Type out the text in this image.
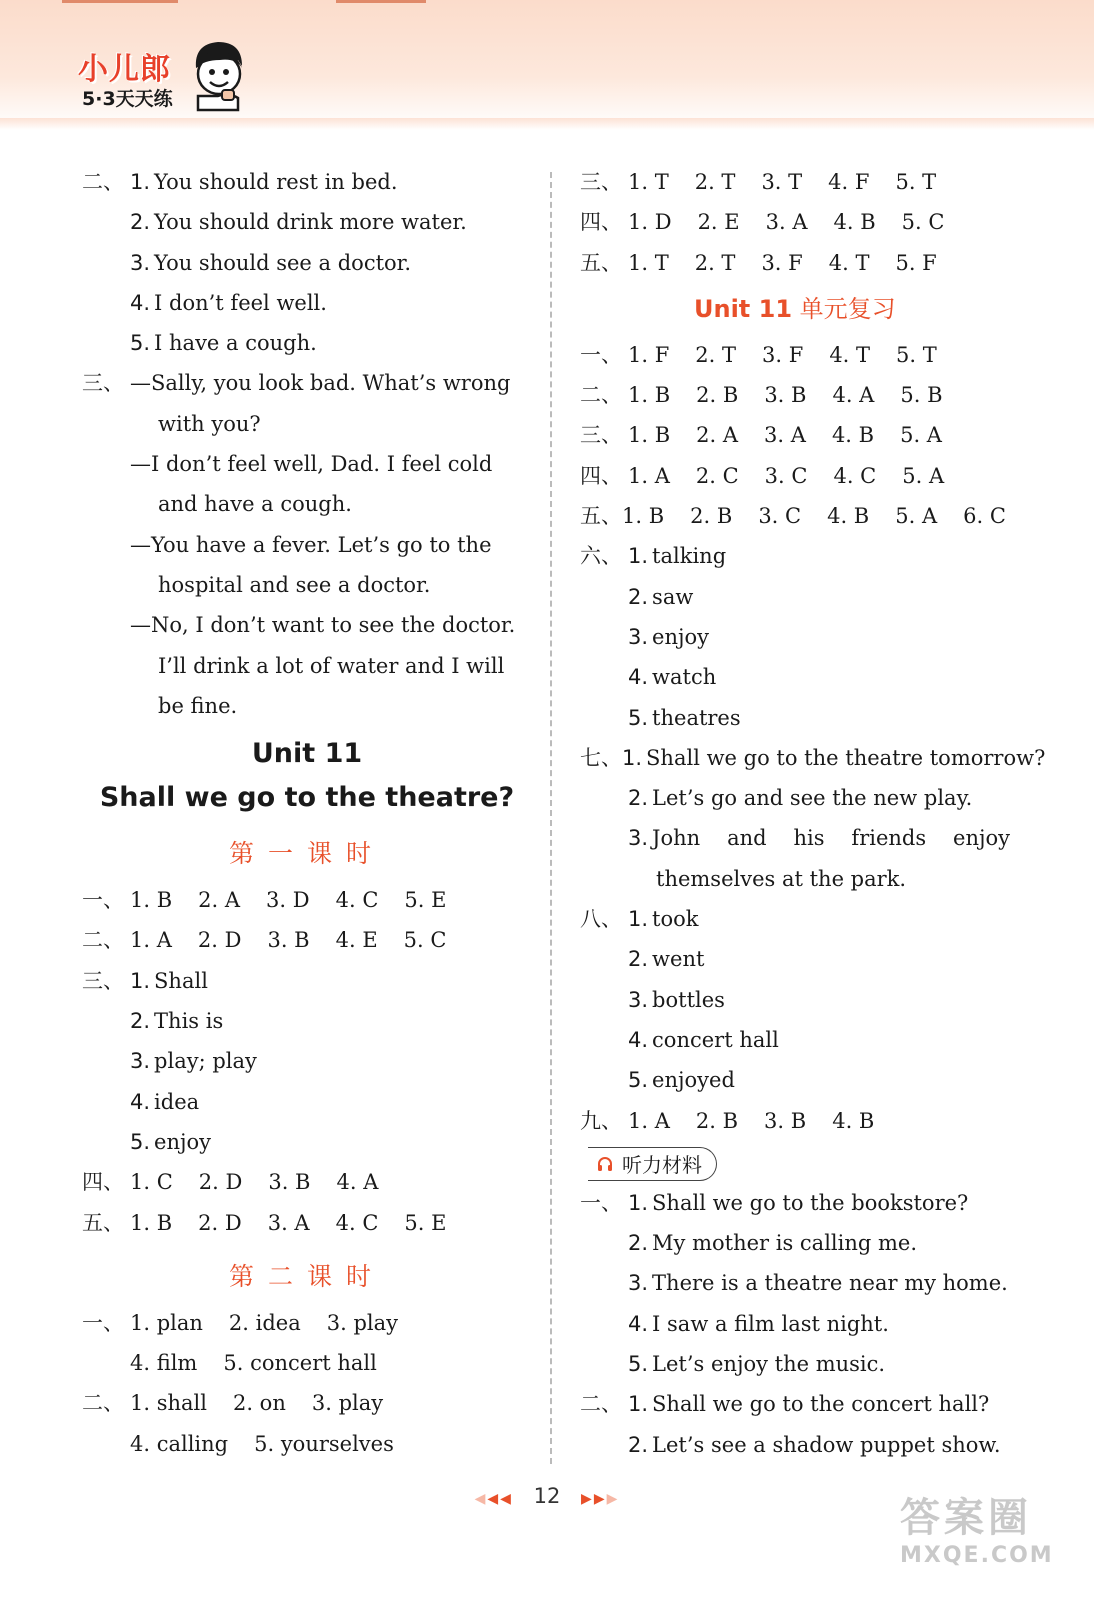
小儿郎
5·3天天练
二、 1. You should rest in bed.
2. You should drink more water.
3. You should see a doctor.
4. I don’t feel well.
5. I have a cough.
三、 —Sally, you look bad. What’s wrong
with you?
—I don’t feel well, Dad. I feel cold
and have a cough.
—You have a fever. Let’s go to the
hospital and see a doctor.
—No, I don’t want to see the doctor.
I’ll drink a lot of water and I will
be fine.
Unit 11
Shall we go to the theatre?
第一课时
一、 1. B 2. A 3. D 4. C 5. E
二、 1. A 2. D 3. B 4. E 5. C
三、 1. Shall
2. This is
3. play; play
4. idea
5. enjoy
四、 1. C 2. D 3. B 4. A
五、 1. B 2. D 3. A 4. C 5. E
第二课时
一、 1. plan 2. idea 3. play
4. film 5. concert hall
二、 1. shall 2. on 3. play
4. calling 5. yourselves
三、 1. T 2. T 3. T 4. F 5. T
四、 1. D 2. E 3. A 4. B 5. C
五、 1. T 2. T 3. F 4. T 5. F
Unit 11 单元复习
一、 1. F 2. T 3. F 4. T 5. T
二、 1. B 2. B 3. B 4. A 5. B
三、 1. B 2. A 3. A 4. B 5. A
四、 1. A 2. C 3. C 4. C 5. A
五、 1. B 2. B 3. C 4. B 5. A 6. C
六、 1. talking
2. saw
3. enjoy
4. watch
5. theatres
七、 1. Shall we go to the theatre tomorrow?
2. Let’s go and see the new play.
3. John and his friends enjoy
themselves at the park.
八、 1. took
2. went
3. bottles
4. concert hall
5. enjoyed
九、 1. A 2. B 3. B 4. B
听力材料
一、 1. Shall we go to the bookstore?
2. My mother is calling me.
3. There is a theatre near my home.
4. I saw a film last night.
5. Let’s enjoy the music.
二、 1. Shall we go to the concert hall?
2. Let’s see a shadow puppet show.
◀◀◀ 12 ▶▶▶	答案圈
MXQE.COM
